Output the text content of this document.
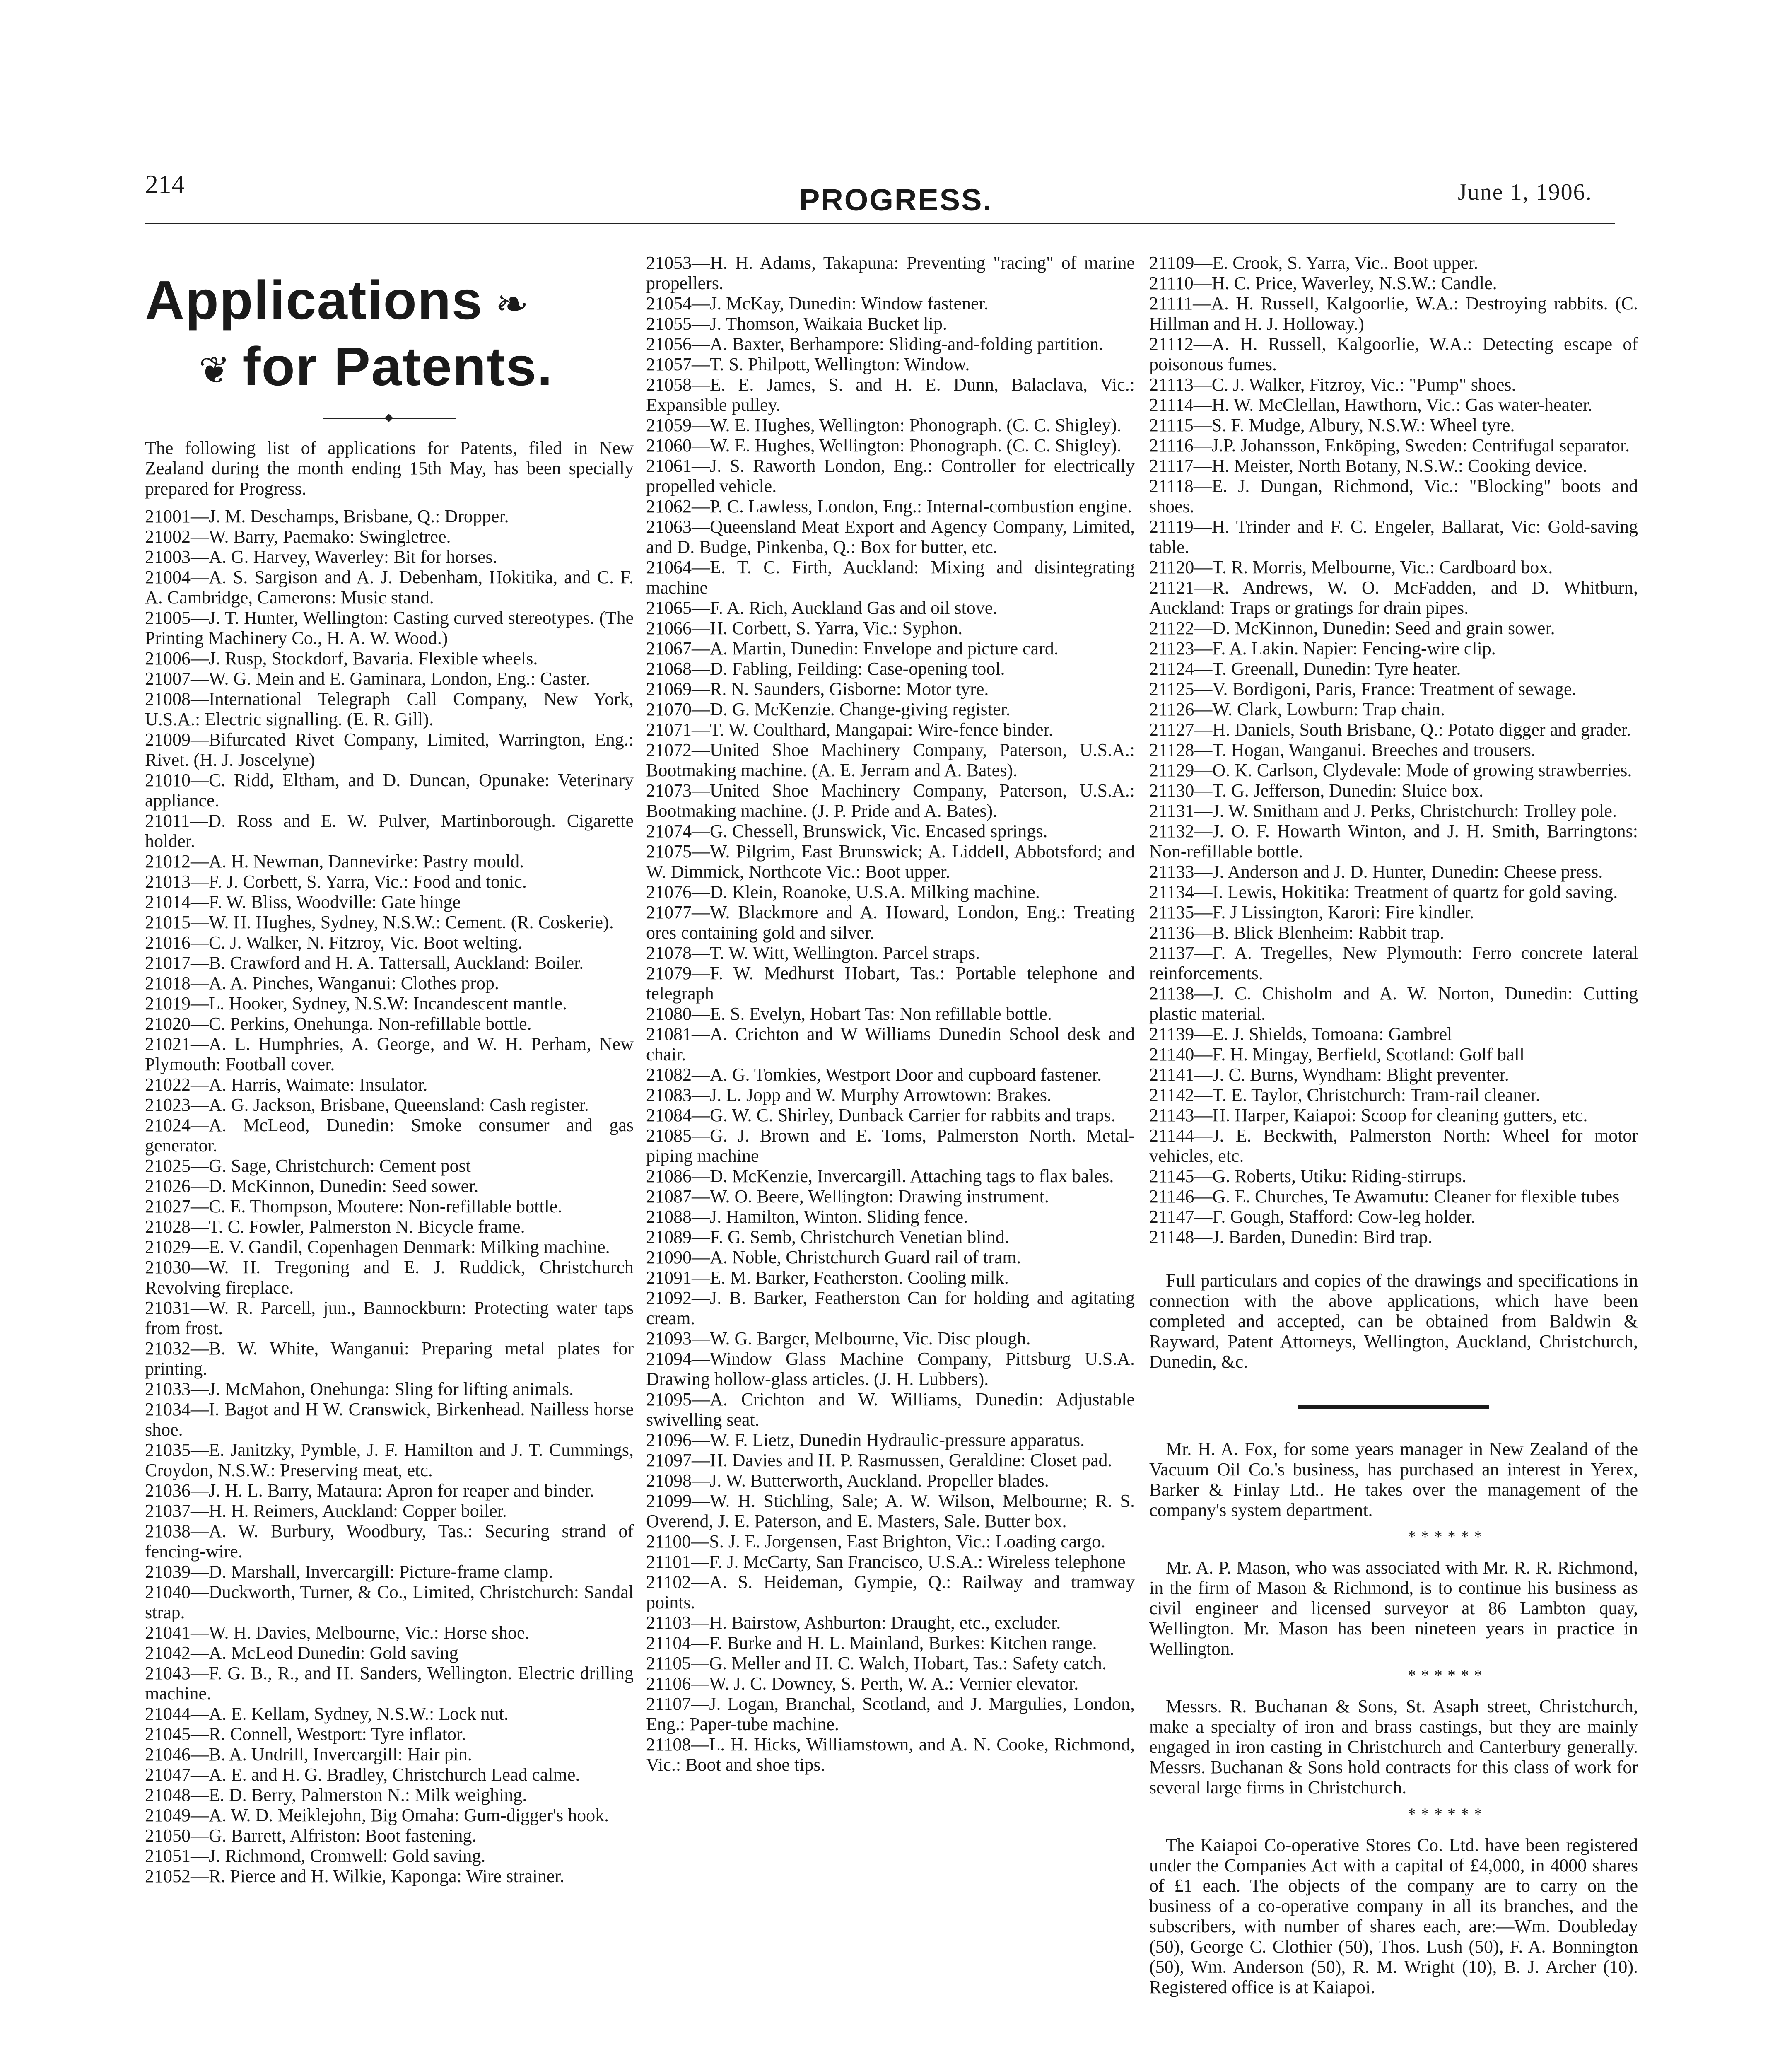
214	PROGRESS.	June 1, 1906.
Applications ❧
❦ for Patents.

The following list of applications for Patents, filed in New Zealand during the month ending 15th May, has been specially prepared for Progress.

21001—J. M. Deschamps, Brisbane, Q.: Dropper.

21002—W. Barry, Paemako: Swingletree.

21003—A. G. Harvey, Waverley: Bit for horses.

21004—A. S. Sargison and A. J. Debenham, Hokitika, and C. F. A. Cambridge, Camerons: Music stand.

21005—J. T. Hunter, Wellington: Casting curved stereotypes. (The Printing Machinery Co., H. A. W. Wood.)

21006—J. Rusp, Stockdorf, Bavaria. Flexible wheels.

21007—W. G. Mein and E. Gaminara, London, Eng.: Caster.

21008—International Telegraph Call Company, New York, U.S.A.: Electric signalling. (E. R. Gill).

21009—Bifurcated Rivet Company, Limited, Warrington, Eng.: Rivet. (H. J. Joscelyne)

21010—C. Ridd, Eltham, and D. Duncan, Opunake: Veterinary appliance.

21011—D. Ross and E. W. Pulver, Martinborough. Cigarette holder.

21012—A. H. Newman, Dannevirke: Pastry mould.

21013—F. J. Corbett, S. Yarra, Vic.: Food and tonic.

21014—F. W. Bliss, Woodville: Gate hinge

21015—W. H. Hughes, Sydney, N.S.W.: Cement. (R. Coskerie).

21016—C. J. Walker, N. Fitzroy, Vic. Boot welting.

21017—B. Crawford and H. A. Tattersall, Auckland: Boiler.

21018—A. A. Pinches, Wanganui: Clothes prop.

21019—L. Hooker, Sydney, N.S.W: Incandescent mantle.

21020—C. Perkins, Onehunga. Non-refillable bottle.

21021—A. L. Humphries, A. George, and W. H. Perham, New Plymouth: Football cover.

21022—A. Harris, Waimate: Insulator.

21023—A. G. Jackson, Brisbane, Queensland: Cash register.

21024—A. McLeod, Dunedin: Smoke consumer and gas generator.

21025—G. Sage, Christchurch: Cement post

21026—D. McKinnon, Dunedin: Seed sower.

21027—C. E. Thompson, Moutere: Non-refillable bottle.

21028—T. C. Fowler, Palmerston N. Bicycle frame.

21029—E. V. Gandil, Copenhagen Denmark: Milking machine.

21030—W. H. Tregoning and E. J. Ruddick, Christchurch Revolving fireplace.

21031—W. R. Parcell, jun., Bannockburn: Protecting water taps from frost.

21032—B. W. White, Wanganui: Preparing metal plates for printing.

21033—J. McMahon, Onehunga: Sling for lifting animals.

21034—I. Bagot and H W. Cranswick, Birkenhead. Nailless horse shoe.

21035—E. Janitzky, Pymble, J. F. Hamilton and J. T. Cummings, Croydon, N.S.W.: Preserving meat, etc.

21036—J. H. L. Barry, Mataura: Apron for reaper and binder.

21037—H. H. Reimers, Auckland: Copper boiler.

21038—A. W. Burbury, Woodbury, Tas.: Securing strand of fencing-wire.

21039—D. Marshall, Invercargill: Picture-frame clamp.

21040—Duckworth, Turner, & Co., Limited, Christchurch: Sandal strap.

21041—W. H. Davies, Melbourne, Vic.: Horse shoe.

21042—A. McLeod Dunedin: Gold saving

21043—F. G. B., R., and H. Sanders, Wellington. Electric drilling machine.

21044—A. E. Kellam, Sydney, N.S.W.: Lock nut.

21045—R. Connell, Westport: Tyre inflator.

21046—B. A. Undrill, Invercargill: Hair pin.

21047—A. E. and H. G. Bradley, Christchurch Lead calme.

21048—E. D. Berry, Palmerston N.: Milk weighing.

21049—A. W. D. Meiklejohn, Big Omaha: Gum-digger's hook.

21050—G. Barrett, Alfriston: Boot fastening.

21051—J. Richmond, Cromwell: Gold saving.

21052—R. Pierce and H. Wilkie, Kaponga: Wire strainer.

21053—H. H. Adams, Takapuna: Preventing "racing" of marine propellers.

21054—J. McKay, Dunedin: Window fastener.

21055—J. Thomson, Waikaia Bucket lip.

21056—A. Baxter, Berhampore: Sliding-and-folding partition.

21057—T. S. Philpott, Wellington: Window.

21058—E. E. James, S. and H. E. Dunn, Balaclava, Vic.: Expansible pulley.

21059—W. E. Hughes, Wellington: Phonograph. (C. C. Shigley).

21060—W. E. Hughes, Wellington: Phonograph. (C. C. Shigley).

21061—J. S. Raworth London, Eng.: Controller for electrically propelled vehicle.

21062—P. C. Lawless, London, Eng.: Internal-combustion engine.

21063—Queensland Meat Export and Agency Company, Limited, and D. Budge, Pinkenba, Q.: Box for butter, etc.

21064—E. T. C. Firth, Auckland: Mixing and disintegrating machine

21065—F. A. Rich, Auckland Gas and oil stove.

21066—H. Corbett, S. Yarra, Vic.: Syphon.

21067—A. Martin, Dunedin: Envelope and picture card.

21068—D. Fabling, Feilding: Case-opening tool.

21069—R. N. Saunders, Gisborne: Motor tyre.

21070—D. G. McKenzie. Change-giving register.

21071—T. W. Coulthard, Mangapai: Wire-fence binder.

21072—United Shoe Machinery Company, Paterson, U.S.A.: Bootmaking machine. (A. E. Jerram and A. Bates).

21073—United Shoe Machinery Company, Paterson, U.S.A.: Bootmaking machine. (J. P. Pride and A. Bates).

21074—G. Chessell, Brunswick, Vic. Encased springs.

21075—W. Pilgrim, East Brunswick; A. Liddell, Abbotsford; and W. Dimmick, Northcote Vic.: Boot upper.

21076—D. Klein, Roanoke, U.S.A. Milking machine.

21077—W. Blackmore and A. Howard, London, Eng.: Treating ores containing gold and silver.

21078—T. W. Witt, Wellington. Parcel straps.

21079—F. W. Medhurst Hobart, Tas.: Portable telephone and telegraph

21080—E. S. Evelyn, Hobart Tas: Non refillable bottle.

21081—A. Crichton and W Williams Dunedin School desk and chair.

21082—A. G. Tomkies, Westport Door and cupboard fastener.

21083—J. L. Jopp and W. Murphy Arrowtown: Brakes.

21084—G. W. C. Shirley, Dunback Carrier for rabbits and traps.

21085—G. J. Brown and E. Toms, Palmerston North. Metal-piping machine

21086—D. McKenzie, Invercargill. Attaching tags to flax bales.

21087—W. O. Beere, Wellington: Drawing instrument.

21088—J. Hamilton, Winton. Sliding fence.

21089—F. G. Semb, Christchurch Venetian blind.

21090—A. Noble, Christchurch Guard rail of tram.

21091—E. M. Barker, Featherston. Cooling milk.

21092—J. B. Barker, Featherston Can for holding and agitating cream.

21093—W. G. Barger, Melbourne, Vic. Disc plough.

21094—Window Glass Machine Company, Pittsburg U.S.A. Drawing hollow-glass articles. (J. H. Lubbers).

21095—A. Crichton and W. Williams, Dunedin: Adjustable swivelling seat.

21096—W. F. Lietz, Dunedin Hydraulic-pressure apparatus.

21097—H. Davies and H. P. Rasmussen, Geraldine: Closet pad.

21098—J. W. Butterworth, Auckland. Propeller blades.

21099—W. H. Stichling, Sale; A. W. Wilson, Melbourne; R. S. Overend, J. E. Paterson, and E. Masters, Sale. Butter box.

21100—S. J. E. Jorgensen, East Brighton, Vic.: Loading cargo.

21101—F. J. McCarty, San Francisco, U.S.A.: Wireless telephone

21102—A. S. Heideman, Gympie, Q.: Railway and tramway points.

21103—H. Bairstow, Ashburton: Draught, etc., excluder.

21104—F. Burke and H. L. Mainland, Burkes: Kitchen range.

21105—G. Meller and H. C. Walch, Hobart, Tas.: Safety catch.

21106—W. J. C. Downey, S. Perth, W. A.: Vernier elevator.

21107—J. Logan, Branchal, Scotland, and J. Margulies, London, Eng.: Paper-tube machine.

21108—L. H. Hicks, Williamstown, and A. N. Cooke, Richmond, Vic.: Boot and shoe tips.

21109—E. Crook, S. Yarra, Vic.. Boot upper.

21110—H. C. Price, Waverley, N.S.W.: Candle.

21111—A. H. Russell, Kalgoorlie, W.A.: Destroying rabbits. (C. Hillman and H. J. Holloway.)

21112—A. H. Russell, Kalgoorlie, W.A.: Detecting escape of poisonous fumes.

21113—C. J. Walker, Fitzroy, Vic.: "Pump" shoes.

21114—H. W. McClellan, Hawthorn, Vic.: Gas water-heater.

21115—S. F. Mudge, Albury, N.S.W.: Wheel tyre.

21116—J.P. Johansson, Enköping, Sweden: Centrifugal separator.

21117—H. Meister, North Botany, N.S.W.: Cooking device.

21118—E. J. Dungan, Richmond, Vic.: "Blocking" boots and shoes.

21119—H. Trinder and F. C. Engeler, Ballarat, Vic: Gold-saving table.

21120—T. R. Morris, Melbourne, Vic.: Cardboard box.

21121—R. Andrews, W. O. McFadden, and D. Whitburn, Auckland: Traps or gratings for drain pipes.

21122—D. McKinnon, Dunedin: Seed and grain sower.

21123—F. A. Lakin. Napier: Fencing-wire clip.

21124—T. Greenall, Dunedin: Tyre heater.

21125—V. Bordigoni, Paris, France: Treatment of sewage.

21126—W. Clark, Lowburn: Trap chain.

21127—H. Daniels, South Brisbane, Q.: Potato digger and grader.

21128—T. Hogan, Wanganui. Breeches and trousers.

21129—O. K. Carlson, Clydevale: Mode of growing strawberries.

21130—T. G. Jefferson, Dunedin: Sluice box.

21131—J. W. Smitham and J. Perks, Christchurch: Trolley pole.

21132—J. O. F. Howarth Winton, and J. H. Smith, Barringtons: Non-refillable bottle.

21133—J. Anderson and J. D. Hunter, Dunedin: Cheese press.

21134—I. Lewis, Hokitika: Treatment of quartz for gold saving.

21135—F. J Lissington, Karori: Fire kindler.

21136—B. Blick Blenheim: Rabbit trap.

21137—F. A. Tregelles, New Plymouth: Ferro concrete lateral reinforcements.

21138—J. C. Chisholm and A. W. Norton, Dunedin: Cutting plastic material.

21139—E. J. Shields, Tomoana: Gambrel

21140—F. H. Mingay, Berfield, Scotland: Golf ball

21141—J. C. Burns, Wyndham: Blight preventer.

21142—T. E. Taylor, Christchurch: Tram-rail cleaner.

21143—H. Harper, Kaiapoi: Scoop for cleaning gutters, etc.

21144—J. E. Beckwith, Palmerston North: Wheel for motor vehicles, etc.

21145—G. Roberts, Utiku: Riding-stirrups.

21146—G. E. Churches, Te Awamutu: Cleaner for flexible tubes

21147—F. Gough, Stafford: Cow-leg holder.

21148—J. Barden, Dunedin: Bird trap.

Full particulars and copies of the drawings and specifications in connection with the above applications, which have been completed and accepted, can be obtained from Baldwin & Rayward, Patent Attorneys, Wellington, Auckland, Christchurch, Dunedin, &c.

Mr. H. A. Fox, for some years manager in New Zealand of the Vacuum Oil Co.'s business, has purchased an interest in Yerex, Barker & Finlay Ltd.. He takes over the management of the company's system department.

******

Mr. A. P. Mason, who was associated with Mr. R. R. Richmond, in the firm of Mason & Richmond, is to continue his business as civil engineer and licensed surveyor at 86 Lambton quay, Wellington. Mr. Mason has been nineteen years in practice in Wellington.

******

Messrs. R. Buchanan & Sons, St. Asaph street, Christchurch, make a specialty of iron and brass castings, but they are mainly engaged in iron casting in Christchurch and Canterbury generally. Messrs. Buchanan & Sons hold contracts for this class of work for several large firms in Christchurch.

******

The Kaiapoi Co-operative Stores Co. Ltd. have been registered under the Companies Act with a capital of £4,000, in 4000 shares of £1 each. The objects of the company are to carry on the business of a co-operative company in all its branches, and the subscribers, with number of shares each, are:—Wm. Doubleday (50), George C. Clothier (50), Thos. Lush (50), F. A. Bonnington (50), Wm. Anderson (50), R. M. Wright (10), B. J. Archer (10). Registered office is at Kaiapoi.
